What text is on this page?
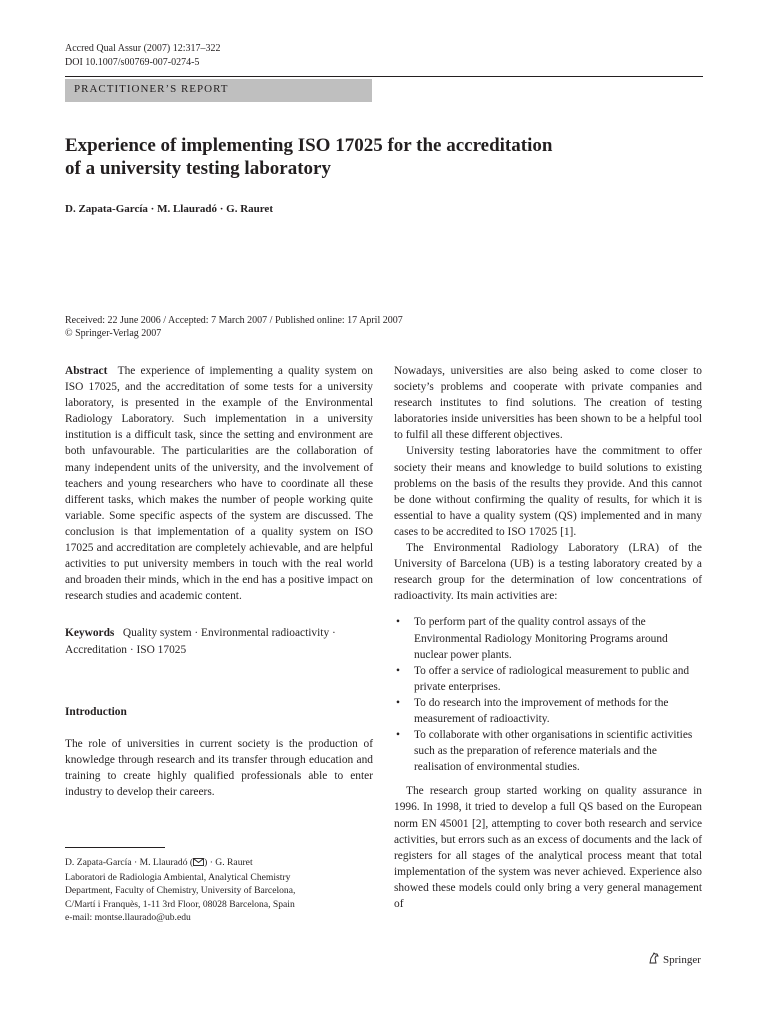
Accred Qual Assur (2007) 12:317–322
DOI 10.1007/s00769-007-0274-5
PRACTITIONER’S REPORT
Experience of implementing ISO 17025 for the accreditation
of a university testing laboratory
D. Zapata-García · M. Llauradó · G. Rauret
Received: 22 June 2006 / Accepted: 7 March 2007 / Published online: 17 April 2007
© Springer-Verlag 2007

Abstract The experience of implementing a quality system on ISO 17025, and the accreditation of some tests for a university laboratory, is presented in the example of the Environmental Radiology Laboratory. Such implementation in a university institution is a difficult task, since the setting and environment are both unfavourable. The particularities are the collaboration of many independent units of the university, and the involvement of teachers and young researchers who have to coordinate all these different tasks, which makes the number of people working quite variable. Some specific aspects of the system are discussed. The conclusion is that implementation of a quality system on ISO 17025 and accreditation are completely achievable, and are helpful activities to put university members in touch with the real world and broaden their minds, which in the end has a positive impact on research studies and academic content.

Keywords Quality system · Environmental radioactivity · Accreditation · ISO 17025

Introduction

The role of universities in current society is the production of knowledge through research and its transfer through education and training to create highly qualified professionals able to enter industry to develop their careers.

Nowadays, universities are also being asked to come closer to society’s problems and cooperate with private companies and research institutes to find solutions. The creation of testing laboratories inside universities has been shown to be a helpful tool to fulfil all these different objectives.

University testing laboratories have the commitment to offer society their means and knowledge to build solutions to existing problems on the basis of the results they provide. And this cannot be done without confirming the quality of results, for which it is essential to have a quality system (QS) implemented and in many cases to be accredited to ISO 17025 [1].

The Environmental Radiology Laboratory (LRA) of the University of Barcelona (UB) is a testing laboratory created by a research group for the determination of low concentrations of radioactivity. Its main activities are:

• To perform part of the quality control assays of the Environmental Radiology Monitoring Programs around nuclear power plants.
• To offer a service of radiological measurement to public and private enterprises.
• To do research into the improvement of methods for the measurement of radioactivity.
• To collaborate with other organisations in scientific activities such as the preparation of reference materials and the realisation of environmental studies.

The research group started working on quality assurance in 1996. In 1998, it tried to develop a full QS based on the European norm EN 45001 [2], attempting to cover both research and service activities, but errors such as an excess of documents and the lack of registers for all stages of the analytical process meant that total implementation of the system was never achieved. Experience also showed these models could only bring a very general management of

D. Zapata-García · M. Llauradó ( ) · G. Rauret
Laboratori de Radiologia Ambiental, Analytical Chemistry
Department, Faculty of Chemistry, University of Barcelona,
C/Martí i Franquès, 1-11 3rd Floor, 08028 Barcelona, Spain
e-mail: montse.llaurado@ub.edu
Springer
